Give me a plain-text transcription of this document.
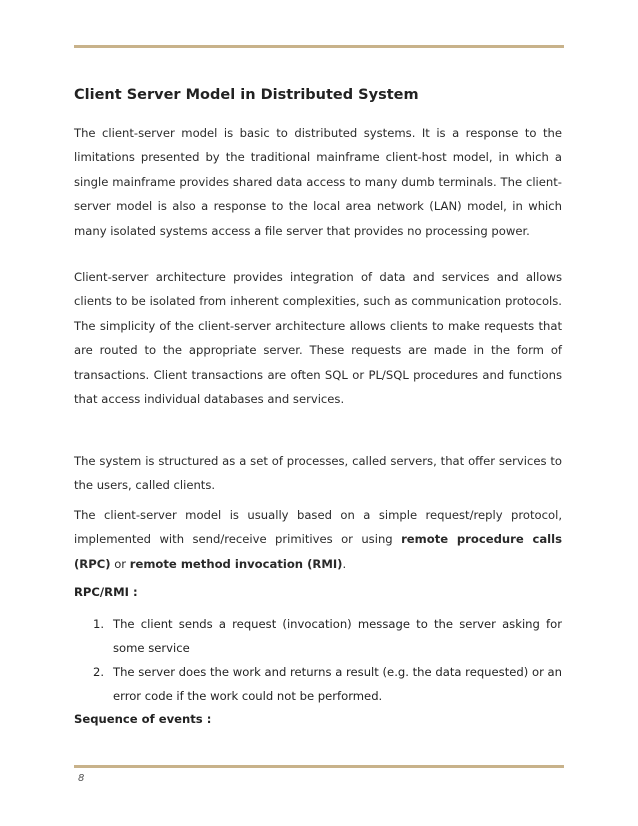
Client Server Model in Distributed System
The client-server model is basic to distributed systems. It is a response to the limitations presented by the traditional mainframe client-host model, in which a single mainframe provides shared data access to many dumb terminals. The client-server model is also a response to the local area network (LAN) model, in which many isolated systems access a file server that provides no processing power.
Client-server architecture provides integration of data and services and allows clients to be isolated from inherent complexities, such as communication protocols. The simplicity of the client-server architecture allows clients to make requests that are routed to the appropriate server. These requests are made in the form of transactions. Client transactions are often SQL or PL/SQL procedures and functions that access individual databases and services.
The system is structured as a set of processes, called servers, that offer services to the users, called clients.
The client-server model is usually based on a simple request/reply protocol, implemented with send/receive primitives or using remote procedure calls (RPC) or remote method invocation (RMI).
RPC/RMI :
1. The client sends a request (invocation) message to the server asking for some service
2. The server does the work and returns a result (e.g. the data requested) or an error code if the work could not be performed.
Sequence of events :
8
